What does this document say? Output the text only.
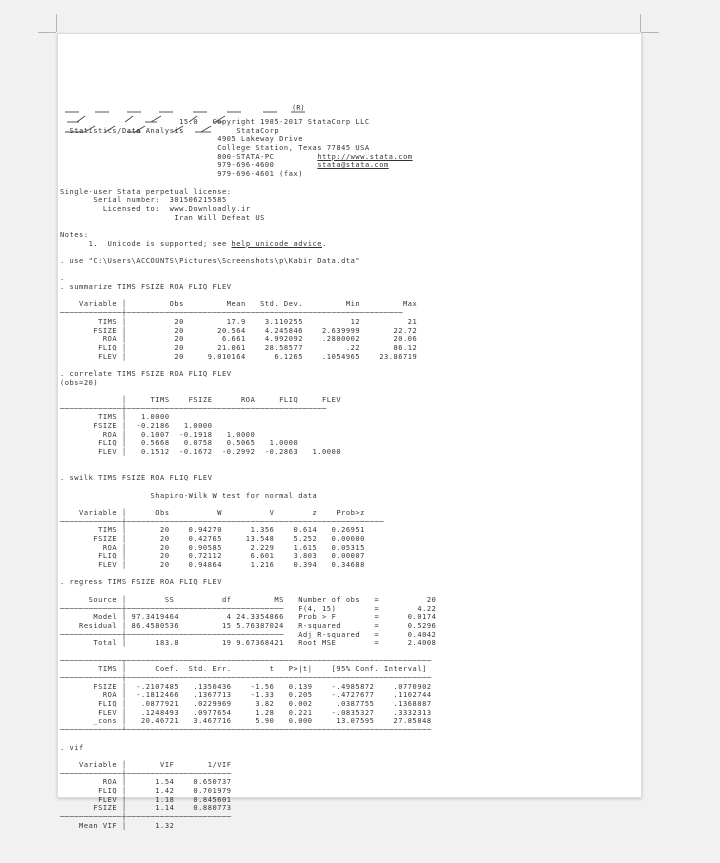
(R)
15.0 Copyright 1985-2017 StataCorp LLC
Statistics/Data Analysis	StataCorp
4905 Lakeway Drive
College Station, Texas 77845 USA
800-STATA-PC	http://www.stata.com
979-696-4600	stata@stata.com
979-696-4601 (fax)
Single-user Stata perpetual license:
Serial number: 301506215585
Licensed to: www.Downloadly.ir
Iran Will Defeat US
Notes:
1.  Unicode is supported; see help unicode_advice.
. use "C:\Users\ACCOUNTS\Pictures\Screenshots\p\Kabir Data.dta"
.
. summarize TIMS FSIZE ROA FLIQ FLEV
Variable │         Obs         Mean   Std. Dev.         Min         Max
─────────────┼──────────────────────────────────────────────────────────
TIMS │          20         17.9    3.110255          12          21
FSIZE │          20       20.564    4.245846    2.639999       22.72
ROA │          20        6.661    4.992092    .2800002       20.06
FLIQ │          20       21.061    28.58577         .22       86.12
FLEV │          20     9.010164      6.1265    .1054965    23.86719
. correlate TIMS FSIZE ROA FLIQ FLEV
(obs=20)
│     TIMS    FSIZE      ROA     FLIQ     FLEV
─────────────┼──────────────────────────────────────────
TIMS │   1.0000
FSIZE │  -0.2186   1.0000
ROA │   0.1007  -0.1918   1.0000
FLIQ │   0.5668   0.0758   0.5065   1.0000
FLEV │   0.1512  -0.1672  -0.2992  -0.2863   1.0000
. swilk TIMS FSIZE ROA FLIQ FLEV
Shapiro-Wilk W test for normal data
Variable │      Obs          W          V        z    Prob>z
─────────────┼──────────────────────────────────────────────────────
TIMS │       20    0.94270      1.356    0.614   0.26951
FSIZE │       20    0.42765     13.548    5.252   0.00000
ROA │       20    0.90585      2.229    1.615   0.05315
FLIQ │       20    0.72112      6.601    3.803   0.00007
FLEV │       20    0.94864      1.216    0.394   0.34688
. regress TIMS FSIZE ROA FLIQ FLEV
Source │        SS          df         MS   Number of obs   =          20
─────────────┼─────────────────────────────────   F(4, 15)        =        4.22
Model │ 97.3419464          4 24.3354866   Prob > F        =      0.0174
Residual │ 86.4580536         15 5.76387024   R-squared       =      0.5296
─────────────┼─────────────────────────────────   Adj R-squared   =      0.4042
Total │      183.8         19 9.67368421   Root MSE        =      2.4008
─────────────┬────────────────────────────────────────────────────────────────
TIMS │      Coef.  Std. Err.        t   P>|t|    [95% Conf. Interval]
─────────────┼────────────────────────────────────────────────────────────────
FSIZE │  -.2107485   .1350436    -1.56   0.139    -.4985872    .0770902
ROA │  -.1812466   .1367713    -1.33   0.205    -.4727677    .1102744
FLIQ │   .0877921   .0229969     3.82   0.002     .0387755    .1368087
FLEV │   .1248493   .0977654     1.28   0.221    -.0835327    .3332313
_cons │   20.46721   3.467716     5.90   0.000     13.07595    27.85848
─────────────┴────────────────────────────────────────────────────────────────
. vif
Variable │       VIF       1/VIF
─────────────┼──────────────────────
ROA │      1.54    0.650737
FLIQ │      1.42    0.701979
FLEV │      1.18    0.845601
FSIZE │      1.14    0.880773
─────────────┼──────────────────────
Mean VIF │      1.32
